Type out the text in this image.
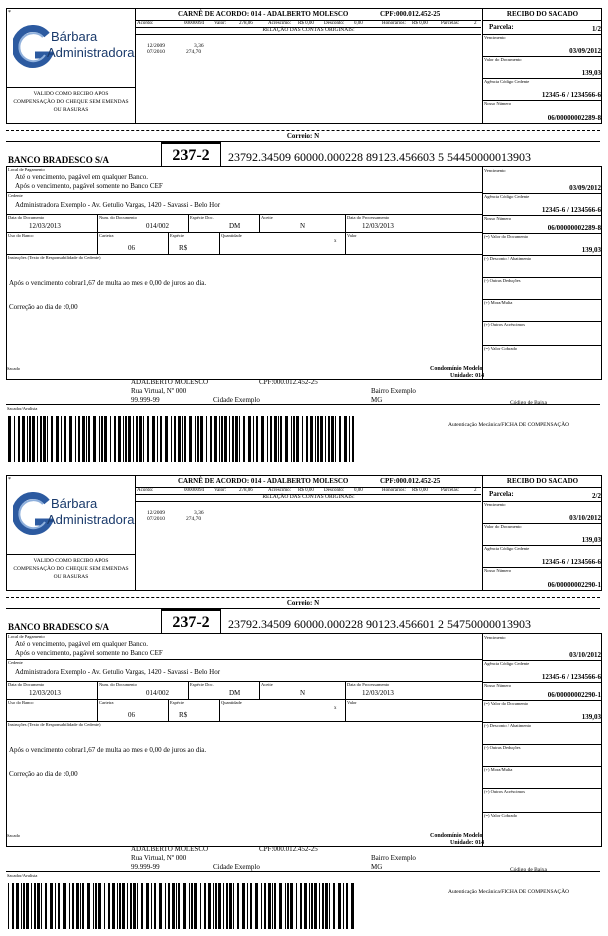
*
Bárbara
Administradora
VALIDO COMO RECIBO APOS
COMPENSAÇÃO DO CHEQUE SEM EMENDAS
OU RASURAS
CARNÊ DE ACORDO: 014 - ADALBERTO MOLESCO	CPF:000.012.452-25
Acordo:	00000094 Valor:	278,06	Acrescimo: R$ 0,00 Desconto: 0,00	Honorários: R$ 0,00	Parcelas:	2
RELAÇÃO DAS CONTAS ORIGINAIS:
12/2009	3,36
07/2010	274,70
RECIBO DO SACADO
Parcela:	1/2
Vencimento
03/09/2012
Valor do Documento
139,03
Agência Código Cedente
12345-6 / 1234566-6
Nosso Número
06/00000002289-8
Correio: N
BANCO BRADESCO S/A	237-2	23792.34509 60000.000228 89123.456603 5 54450000013903
Local de Pagamento
Até o vencimento, pagável em qualquer Banco.
Após o vencimento, pagável somente no Banco CEF
Cedente
Administradora Exemplo - Av. Getulio Vargas, 1420 - Savassi - Belo Hor
Data do Documento
12/03/2013
Num. do Documento
014/002
Espécie Doc.
DM
Aceite
N
Data do Processamento
12/03/2013
Uso do Banco	Carteira
06
Espécie
R$
Quantidade
x
Valor
Instruções (Texto de Responsabilidade do Cedente)
Após o vencimento cobrar1,67 de multa ao mes e 0,00 de juros ao dia.
Correção ao dia de :0,00
Vencimento
03/09/2012
Agência Código Cedente
12345-6 / 1234566-6
Nosso Número
06/00000002289-8
(=) Valor do Documento
139,03
(-) Desconto / Abatimento
(-) Outras Deduções
(+) Mora/Multa
(+) Outros Acréscimos
(=) Valor Cobrado
Sacado	Condomínio Modelo
Unidade: 014
ADALBERTO MOLESCO	CPF:000.012.452-25
Rua Virtual, Nº 000	Bairro Exemplo
99.999-99	Cidade Exemplo	MG	Código de Baixa
Sacador/Avalista
Autenticação Mecânica/FICHA DE COMPENSAÇÃO
*
Bárbara
Administradora
VALIDO COMO RECIBO APOS
COMPENSAÇÃO DO CHEQUE SEM EMENDAS
OU RASURAS
CARNÊ DE ACORDO: 014 - ADALBERTO MOLESCO	CPF:000.012.452-25
Acordo:	00000094 Valor:	278,06	Acrescimo: R$ 0,00 Desconto: 0,00	Honorários: R$ 0,00	Parcelas:	2
RELAÇÃO DAS CONTAS ORIGINAIS:
12/2009	3,36
07/2010	274,70
RECIBO DO SACADO
Parcela:	2/2
Vencimento
03/10/2012
Valor do Documento
139,03
Agência Código Cedente
12345-6 / 1234566-6
Nosso Número
06/00000002290-1
Correio: N
BANCO BRADESCO S/A	237-2	23792.34509 60000.000228 90123.456601 2 54750000013903
Local de Pagamento
Até o vencimento, pagável em qualquer Banco.
Após o vencimento, pagável somente no Banco CEF
Cedente
Administradora Exemplo - Av. Getulio Vargas, 1420 - Savassi - Belo Hor
Data do Documento
12/03/2013
Num. do Documento
014/002
Espécie Doc.
DM
Aceite
N
Data do Processamento
12/03/2013
Uso do Banco	Carteira
06
Espécie
R$
Quantidade
x
Valor
Instruções (Texto de Responsabilidade do Cedente)
Após o vencimento cobrar1,67 de multa ao mes e 0,00 de juros ao dia.
Correção ao dia de :0,00
Vencimento
03/10/2012
Agência Código Cedente
12345-6 / 1234566-6
Nosso Número
06/00000002290-1
(=) Valor do Documento
139,03
(-) Desconto / Abatimento
(-) Outras Deduções
(+) Mora/Multa
(+) Outros Acréscimos
(=) Valor Cobrado
Sacado	Condomínio Modelo
Unidade: 014
ADALBERTO MOLESCO	CPF:000.012.452-25
Rua Virtual, Nº 000	Bairro Exemplo
99.999-99	Cidade Exemplo	MG	Código de Baixa
Sacador/Avalista
Autenticação Mecânica/FICHA DE COMPENSAÇÃO
